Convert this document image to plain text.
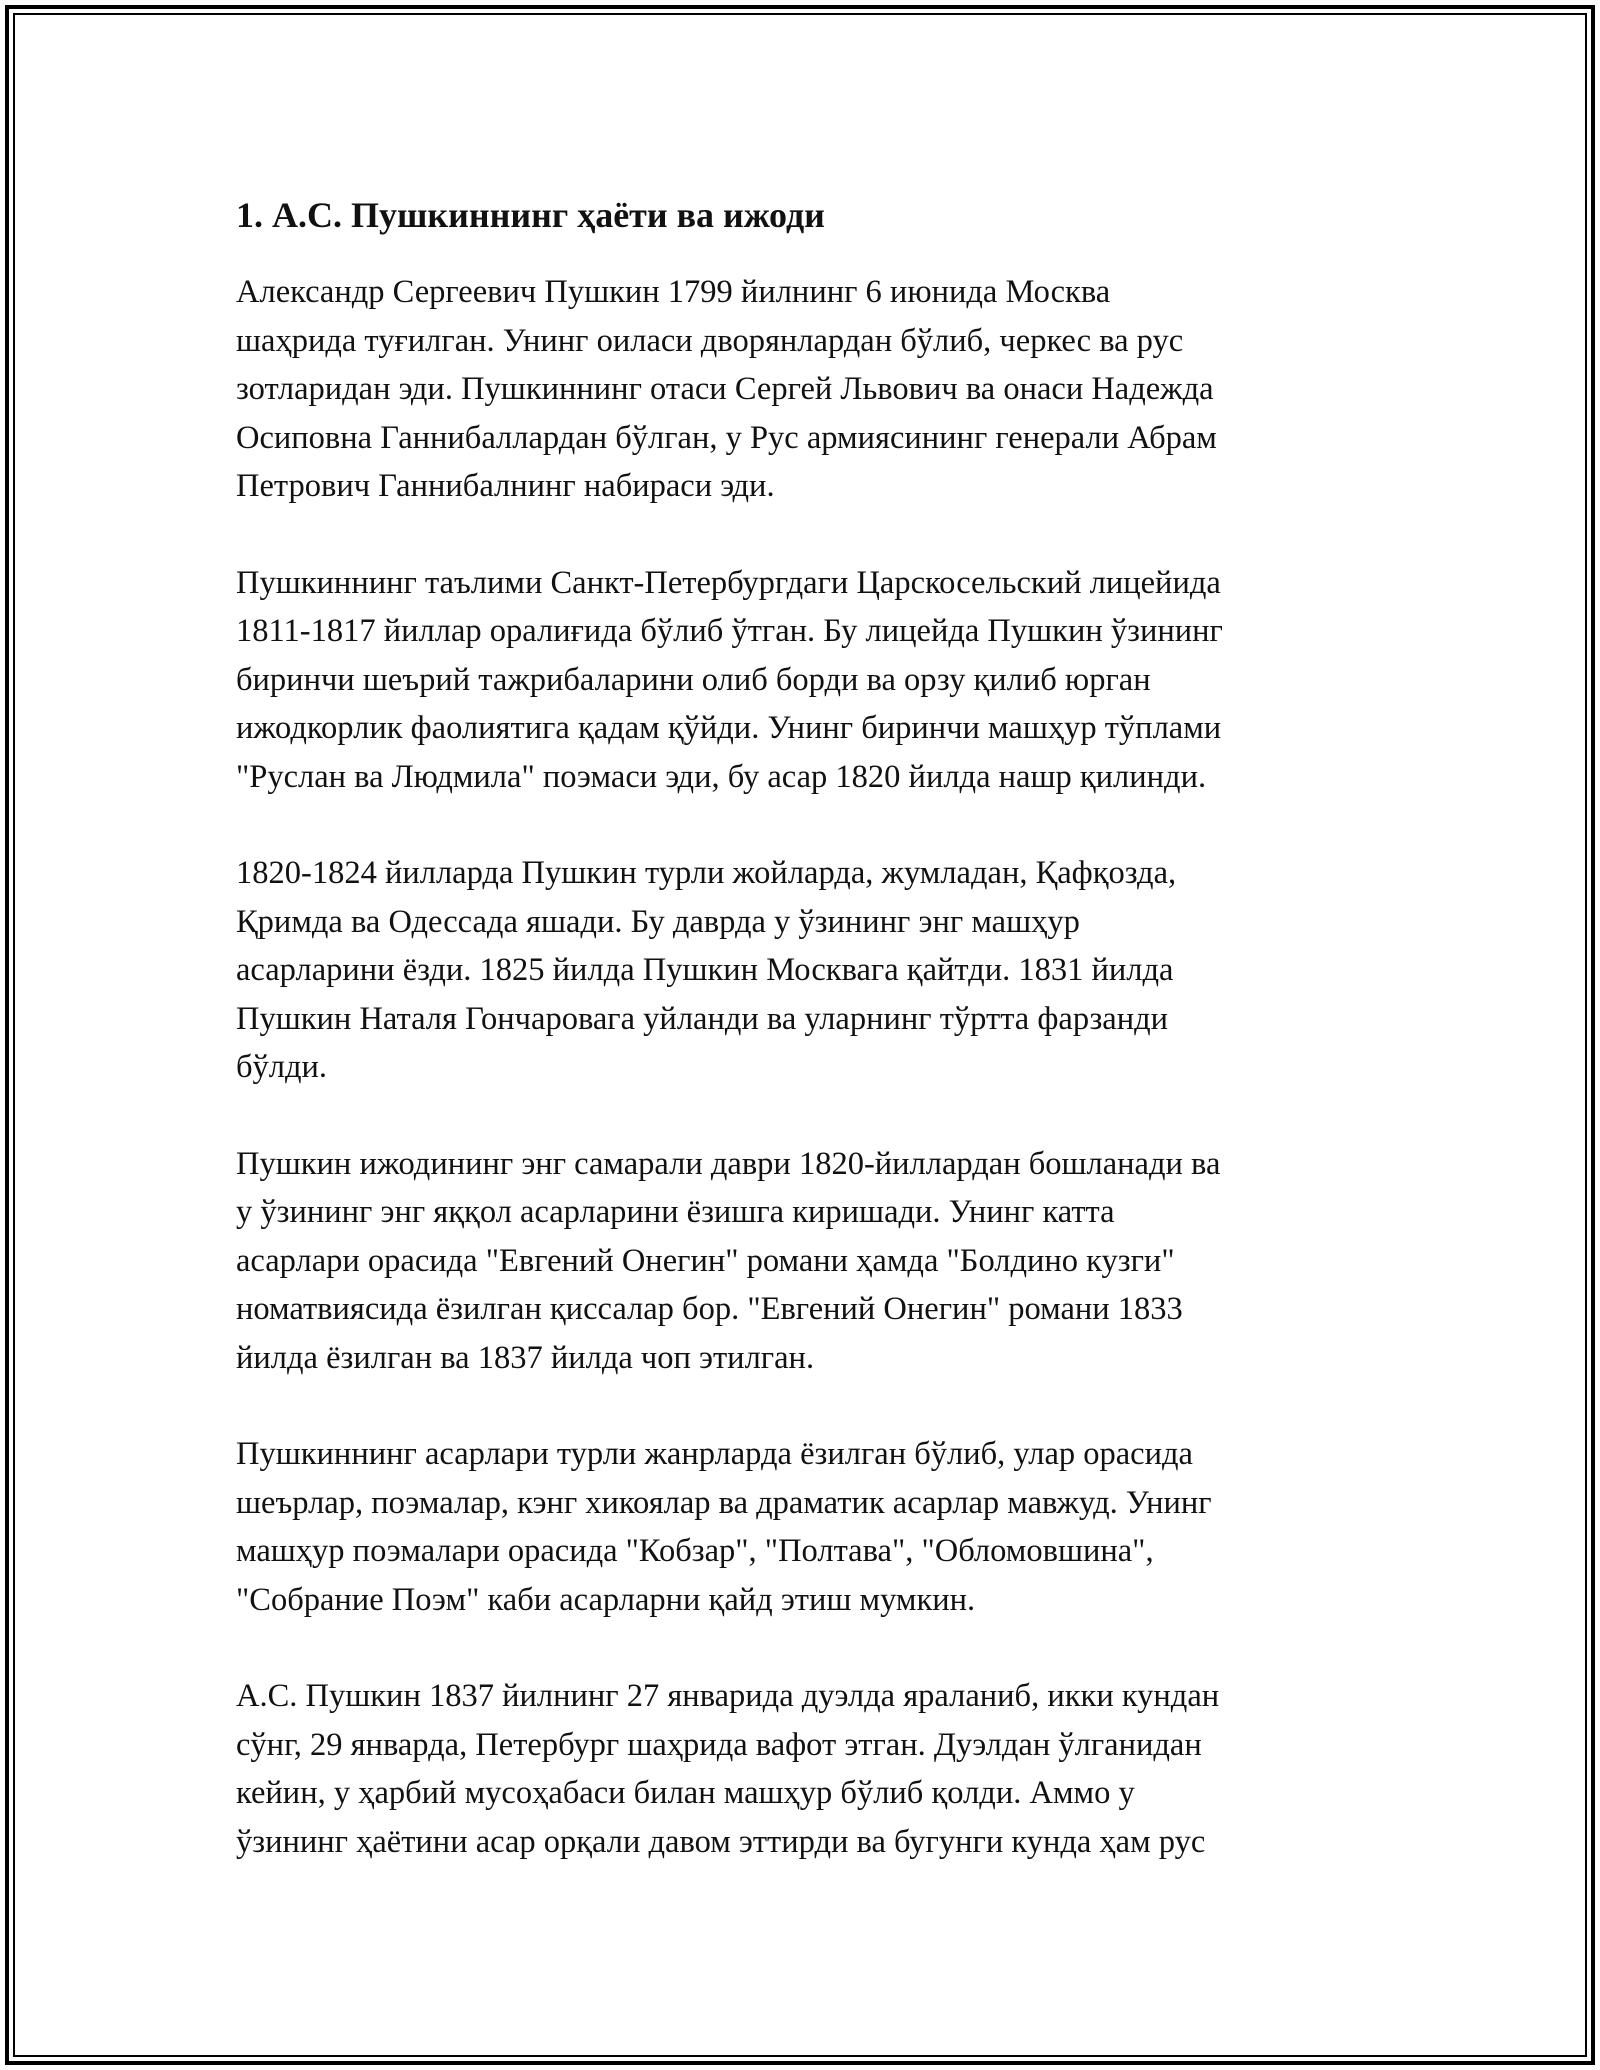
1. А.С. Пушкиннинг ҳаёти ва ижоди

Александр Сергеевич Пушкин 1799 йилнинг 6 июнида Москва
шаҳрида туғилган. Унинг оиласи дворянлардан бўлиб, черкес ва рус
зотларидан эди. Пушкиннинг отаси Сергей Львович ва онаси Надежда
Осиповна Ганнибаллардан бўлган, у Рус армиясининг генерали Абрам
Петрович Ганнибалнинг набираси эди.

Пушкиннинг таълими Санкт-Петербургдаги Царскосельский лицейида
1811-1817 йиллар оралиғида бўлиб ўтган. Бу лицейда Пушкин ўзининг
биринчи шеърий тажрибаларини олиб борди ва орзу қилиб юрган
ижодкорлик фаолиятига қадам қўйди. Унинг биринчи машҳур тўплами
"Руслан ва Людмила" поэмаси эди, бу асар 1820 йилда нашр қилинди.

1820-1824 йилларда Пушкин турли жойларда, жумладан, Қафқозда,
Қримда ва Одессада яшади. Бу даврда у ўзининг энг машҳур
асарларини ёзди. 1825 йилда Пушкин Москвага қайтди. 1831 йилда
Пушкин Наталя Гончаровага уйланди ва уларнинг тўртта фарзанди
бўлди.

Пушкин ижодининг энг самарали даври 1820-йиллардан бошланади ва
у ўзининг энг яққол асарларини ёзишга киришади. Унинг катта
асарлари орасида "Евгений Онегин" романи ҳамда "Болдино кузги"
номатвиясида ёзилган қиссалар бор. "Евгений Онегин" романи 1833
йилда ёзилган ва 1837 йилда чоп этилган.

Пушкиннинг асарлари турли жанрларда ёзилган бўлиб, улар орасида
шеърлар, поэмалар, кэнг хикоялар ва драматик асарлар мавжуд. Унинг
машҳур поэмалари орасида "Кобзар", "Полтава", "Обломовшина",
"Собрание Поэм" каби асарларни қайд этиш мумкин.

А.С. Пушкин 1837 йилнинг 27 январида дуэлда яраланиб, икки кундан
сўнг, 29 январда, Петербург шаҳрида вафот этган. Дуэлдан ўлганидан
кейин, у ҳарбий мусоҳабаси билан машҳур бўлиб қолди. Аммо у
ўзининг ҳаётини асар орқали давом эттирди ва бугунги кунда ҳам рус
